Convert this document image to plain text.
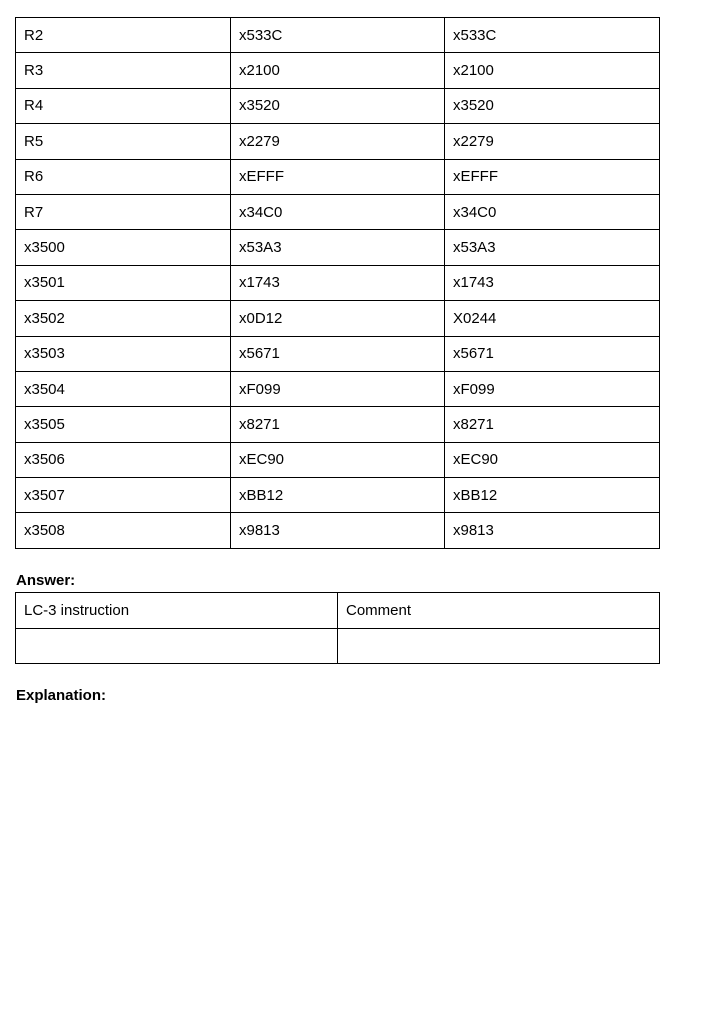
R2	x533C	x533C
R3	x2100	x2100
R4	x3520	x3520
R5	x2279	x2279
R6	xEFFF	xEFFF
R7	x34C0	x34C0
x3500	x53A3	x53A3
x3501	x1743	x1743
x3502	x0D12	X0244
x3503	x5671	x5671
x3504	xF099	xF099
x3505	x8271	x8271
x3506	xEC90	xEC90
x3507	xBB12	xBB12
x3508	x9813	x9813
Answer:
LC-3 instruction	Comment

Explanation:
